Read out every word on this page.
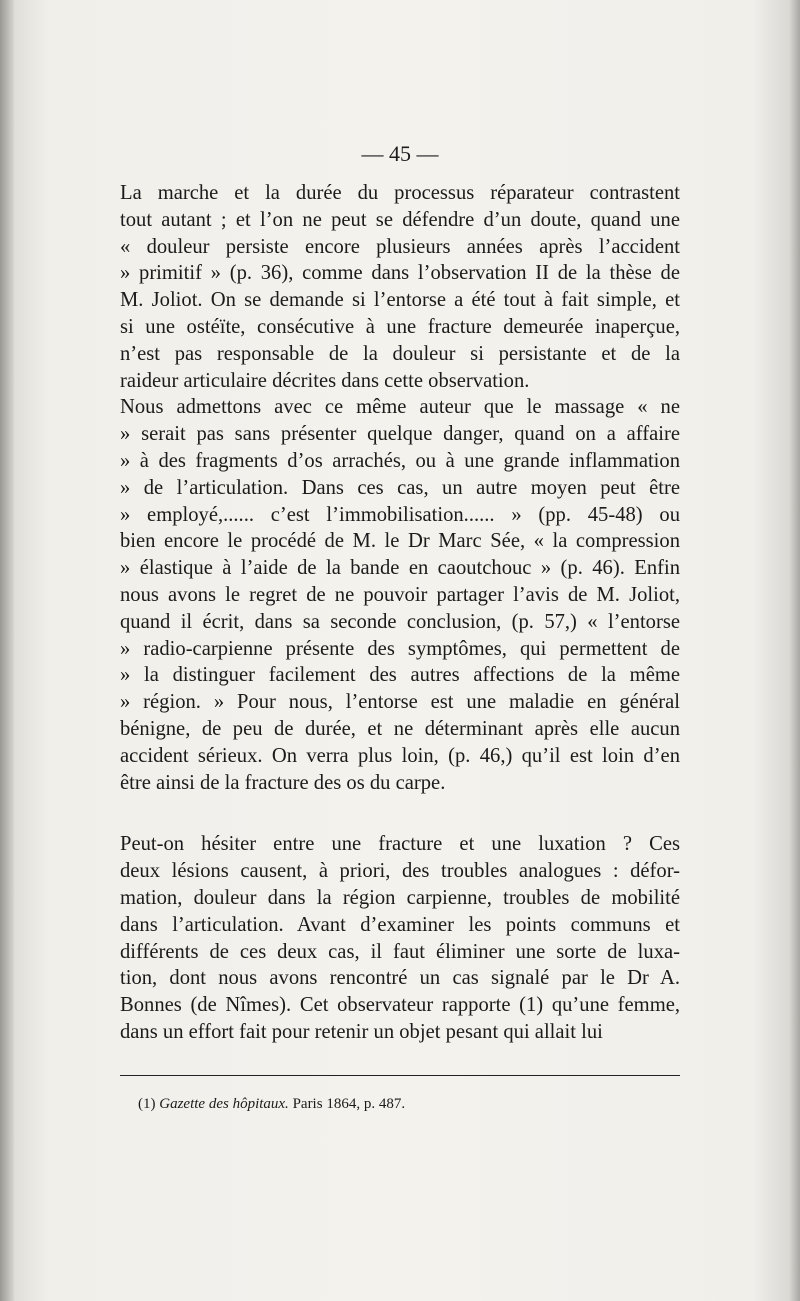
— 45 —
La marche et la durée du processus réparateur contrastent
tout autant ; et l’on ne peut se défendre d’un doute, quand une
« douleur persiste encore plusieurs années après l’accident
» primitif » (p. 36), comme dans l’observation II de la thèse de
M. Joliot. On se demande si l’entorse a été tout à fait simple, et
si une ostéïte, consécutive à une fracture demeurée inaperçue,
n’est pas responsable de la douleur si persistante et de la
raideur articulaire décrites dans cette observation.
Nous admettons avec ce même auteur que le massage « ne
» serait pas sans présenter quelque danger, quand on a affaire
» à des fragments d’os arrachés, ou à une grande inflammation
» de l’articulation. Dans ces cas, un autre moyen peut être
» employé,...... c’est l’immobilisation...... » (pp. 45-48) ou
bien encore le procédé de M. le Dr Marc Sée, « la compression
» élastique à l’aide de la bande en caoutchouc » (p. 46). Enfin
nous avons le regret de ne pouvoir partager l’avis de M. Joliot,
quand il écrit, dans sa seconde conclusion, (p. 57,) « l’entorse
» radio-carpienne présente des symptômes, qui permettent de
» la distinguer facilement des autres affections de la même
» région. » Pour nous, l’entorse est une maladie en général
bénigne, de peu de durée, et ne déterminant après elle aucun
accident sérieux. On verra plus loin, (p. 46,) qu’il est loin d’en
être ainsi de la fracture des os du carpe.
Peut-on hésiter entre une fracture et une luxation ? Ces
deux lésions causent, à priori, des troubles analogues : défor-
mation, douleur dans la région carpienne, troubles de mobilité
dans l’articulation. Avant d’examiner les points communs et
différents de ces deux cas, il faut éliminer une sorte de luxa-
tion, dont nous avons rencontré un cas signalé par le Dr A.
Bonnes (de Nîmes). Cet observateur rapporte (1) qu’une femme,
dans un effort fait pour retenir un objet pesant qui allait lui
(1) Gazette des hôpitaux. Paris 1864, p. 487.
